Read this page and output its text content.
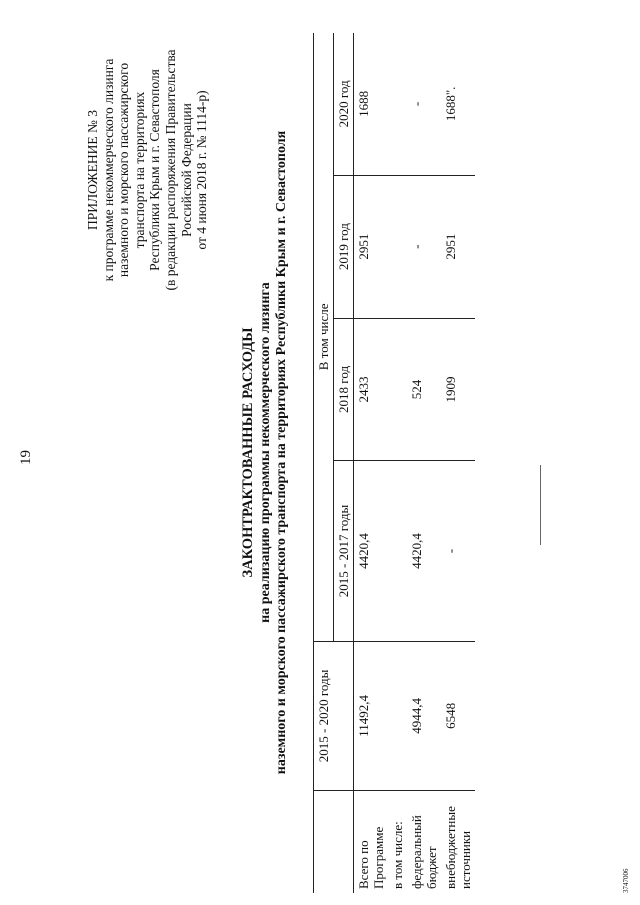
19
ПРИЛОЖЕНИЕ № 3 к программе некоммерческого лизинга наземного и морского пассажирского транспорта на территориях Республики Крым и г. Севастополя (в редакции распоряжения Правительства Российской Федерации от 4 июня 2018 г. № 1114-р)
ЗАКОНТРАКТОВАННЫЕ РАСХОДЫ на реализацию программы некоммерческого лизинга наземного и морского пассажирского транспорта на территориях Республики Крым и г. Севастополя
	2015 - 2020 годы	В том числе			
		2015 - 2017 годы	2018 год	2019 год	2020 год
Всего по Программе	11492,4	4420,4	2433	2951	1688
в том числе:					
федеральный бюджет	4944,4	4420,4	524	-	-
внебюджетные источники	6548	-	1909	2951	1688".
3747006
